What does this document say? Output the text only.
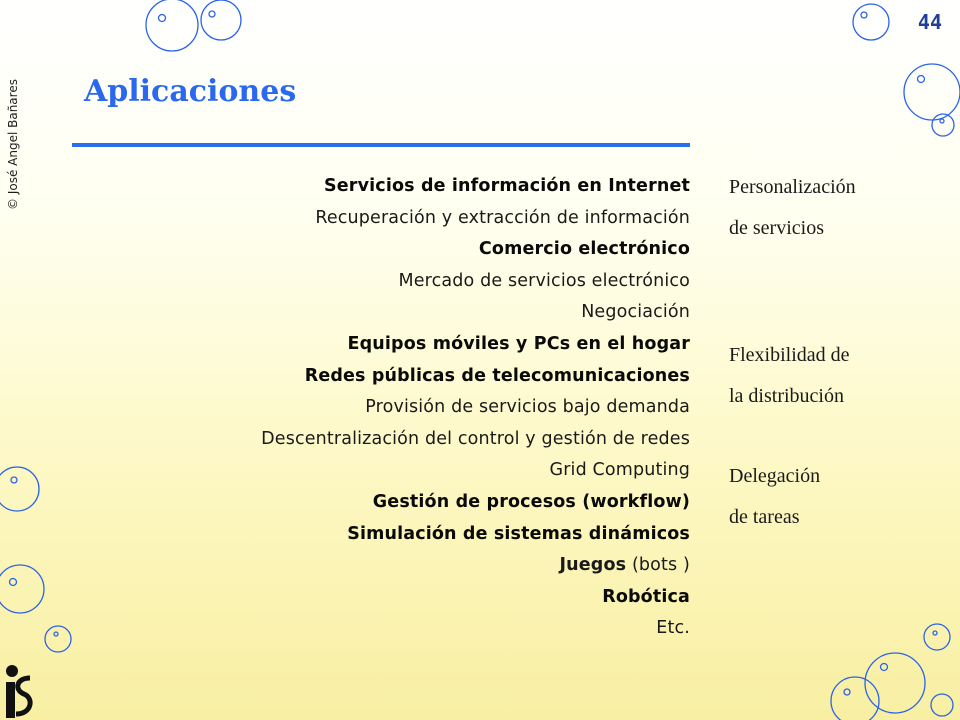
44
© José Angel Bañares Aplicaciones
Servicios de información en Internet
Recuperación y extracción de información
Comercio electrónico
Mercado de servicios electrónico
Negociación
Equipos móviles y PCs en el hogar
Redes públicas de telecomunicaciones
Provisión de servicios bajo demanda
Descentralización del control y gestión de redes
Grid Computing
Gestión de procesos (workflow)
Simulación de sistemas dinámicos
Juegos (bots )
Robótica
Etc.
Personalización
de servicios
Flexibilidad de
la distribución
Delegación
de tareas
